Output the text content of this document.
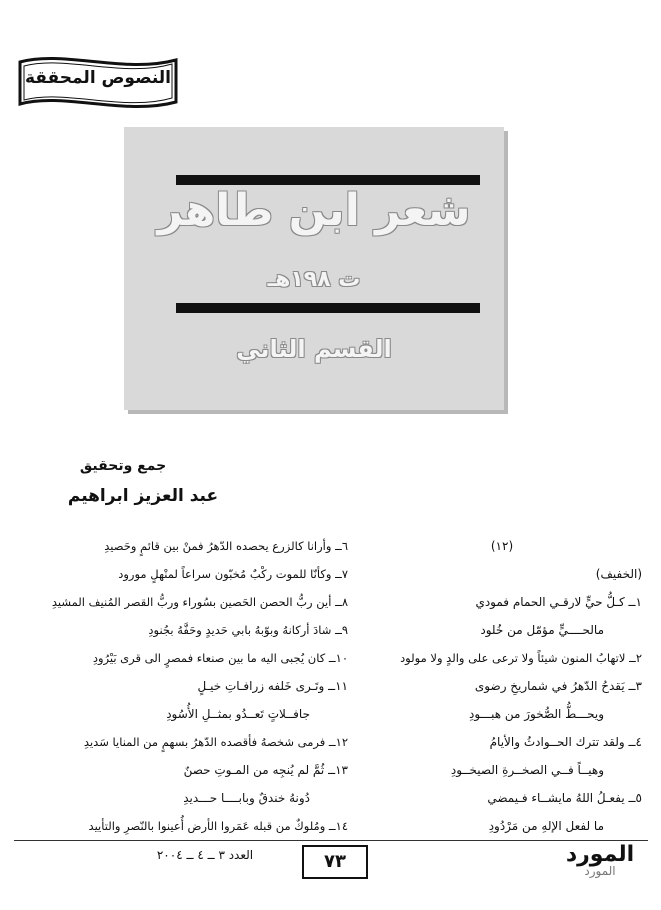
النصوص المحققة
شعر ابن طاهر
ت ١٩٨هـ
القسم الثاني
جمع وتحقيق
عبد العزيز ابراهيم
(١٢)
(الخفيف)
١ــ كـلُّ حيٍّ لارقـي الحمام فمودي
مالحــــيٍّ مؤمّل من خُلود
٢ــ لاتهابُ المنون شيئاً ولا ترعى على والدٍ ولا مولود
٣ــ يَقدحُ الدّهرُ في شماريخِ رضوى
ويحـــطُّ الصُّخورَ من هبـــودِ
٤ــ ولقد تترك الحــوادثُ والأيامُ
وهيــاً فــي الصخــرةِ الصيخــودِ
٥ــ يفعـلُ اللهُ مايشــاء فـيمضي
ما لفعل الإلهِ من مَرْدُودِ
٦ــ وأرانا كالزرع يحصده الدّهرُ فمنْ بين قائمٍ وحَصيدِ
٧ــ وكأنّا للموت ركْبٌ مُخبّون سراعاً لمنْهلٍ مورود
٨ــ أين ربُّ الحصن الحَصين بسُوراء وربُّ القصر المُنيف المشيدِ
٩ــ شادَ أركانهُ وبوّبهُ بابي حَديدٍ وحَفَّهُ بجُنودِ
١٠ــ كان يُجبى اليه ما بين صنعاء فمصرٍ الى قرى بَيْرُودِ
١١ــ وتَـرى خَلفه زرافـاتِ خيـلٍ
جافــلاتٍ تَعــدُو بمثــلِ الأُسُودِ
١٢ــ فرمى شخصهُ فأقصده الدّهرُ بسهمٍ من المنايا سَديدِ
١٣ــ ثُمَّ لم يُنجِه من المـوتِ حصنٌ
دُونهُ خندقٌ وبابــــا حـــديدِ
١٤ــ ومُلوكٌ من قبله عَمَروا الأرض أُعينوا بالنّصرِ والتأييد
العدد ٣ ــ ٤ ــ ٢٠٠٤	٧٣	المورد
المورد
